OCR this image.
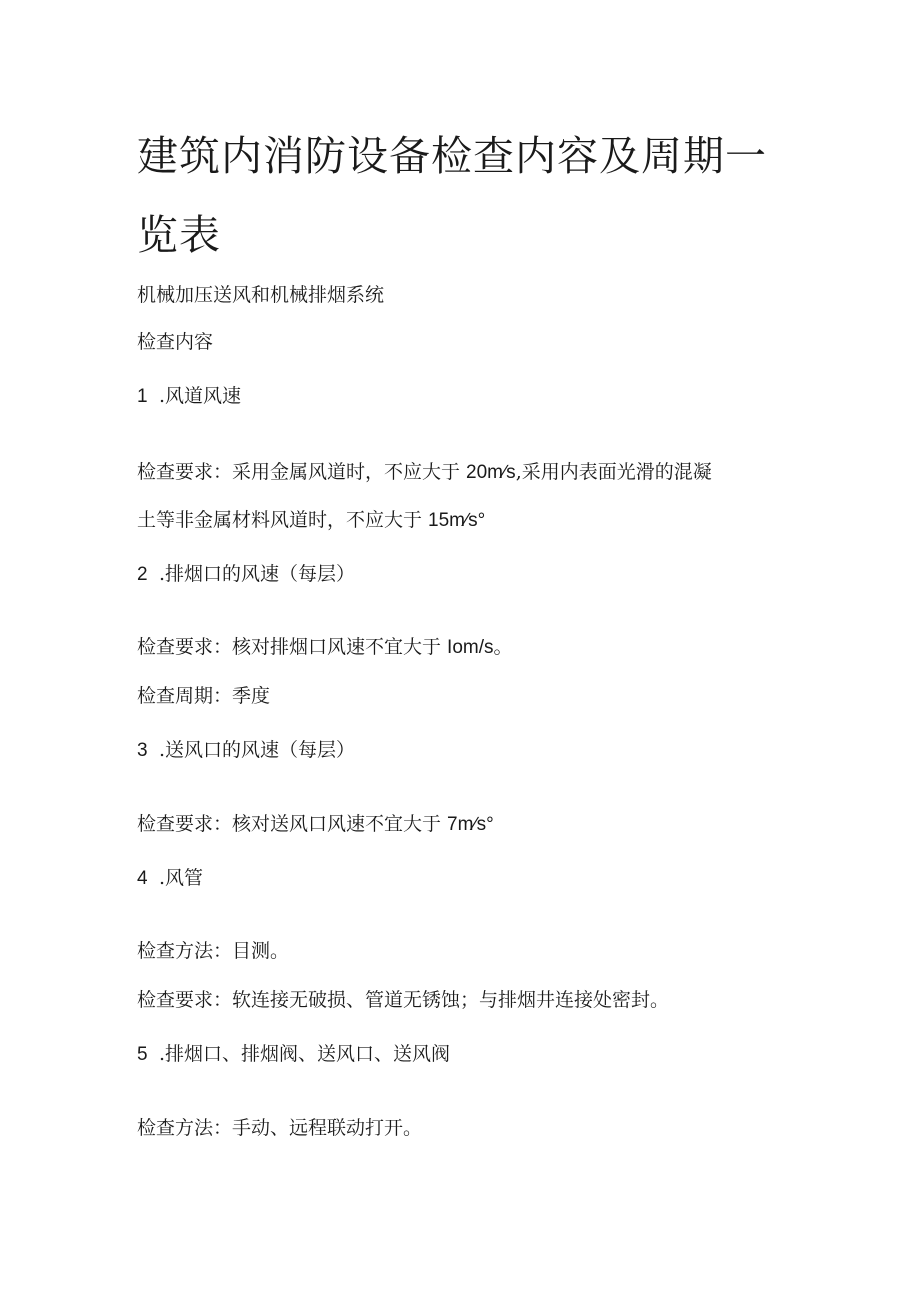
建筑内消防设备检查内容及周期一
览表

机械加压送风和机械排烟系统

检查内容

1 .风道风速

检查要求：采用金属风道时，不应大于 20m∕s,采用内表面光滑的混凝

土等非金属材料风道时，不应大于 15m∕s°

2 .排烟口的风速（每层）

检查要求：核对排烟口风速不宜大于 Iom/s。

检查周期：季度

3 .送风口的风速（每层）

检查要求：核对送风口风速不宜大于 7m∕s°

4 .风管

检查方法：目测。

检查要求：软连接无破损、管道无锈蚀；与排烟井连接处密封。

5 .排烟口、排烟阀、送风口、送风阀

检查方法：手动、远程联动打开。
